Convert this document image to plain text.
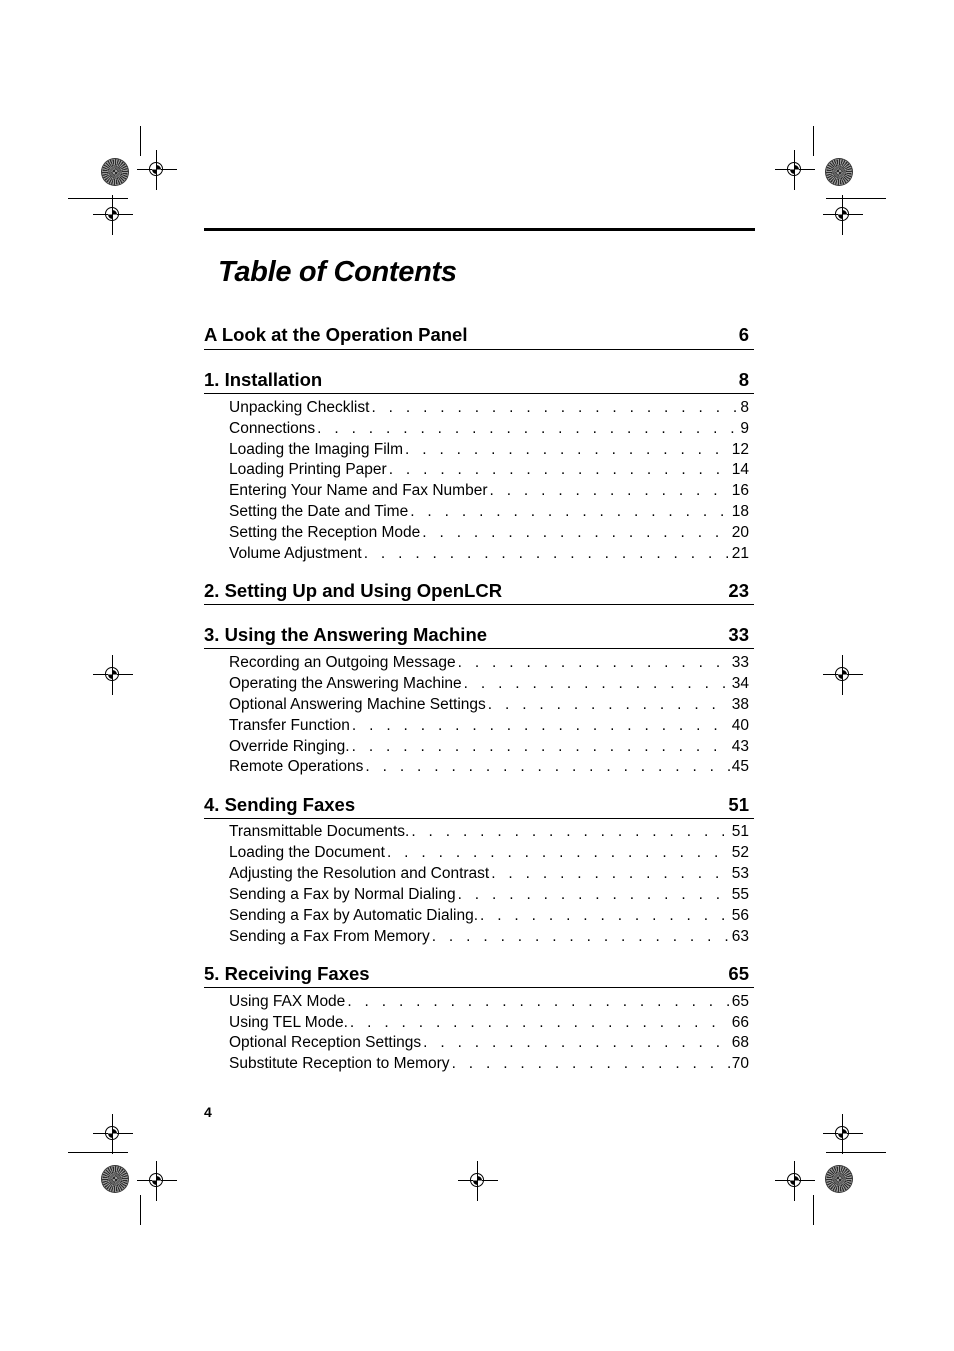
Table of Contents
A Look at the Operation Panel	6
1. Installation	8
Unpacking Checklist . . .	8
Connections . . .	9
Loading the Imaging Film . . .	12
Loading Printing Paper . . .	14
Entering Your Name and Fax Number . . .	16
Setting the Date and Time . . .	18
Setting the Reception Mode . . .	20
Volume Adjustment . . .	21
2. Setting Up and Using OpenLCR	23
3. Using the Answering Machine	33
Recording an Outgoing Message . . .	33
Operating the Answering Machine . . .	34
Optional Answering Machine Settings . . .	38
Transfer Function . . .	40
Override Ringing. . . .	43
Remote Operations . . .	45
4. Sending Faxes	51
Transmittable Documents. . . .	51
Loading the Document . . .	52
Adjusting the Resolution and Contrast . . .	53
Sending a Fax by Normal Dialing . . .	55
Sending a Fax by Automatic Dialing. . . .	56
Sending a Fax From Memory . . .	63
5. Receiving Faxes	65
Using FAX Mode . . .	65
Using TEL Mode. . . .	66
Optional Reception Settings . . .	68
Substitute Reception to Memory . . .	70
4
